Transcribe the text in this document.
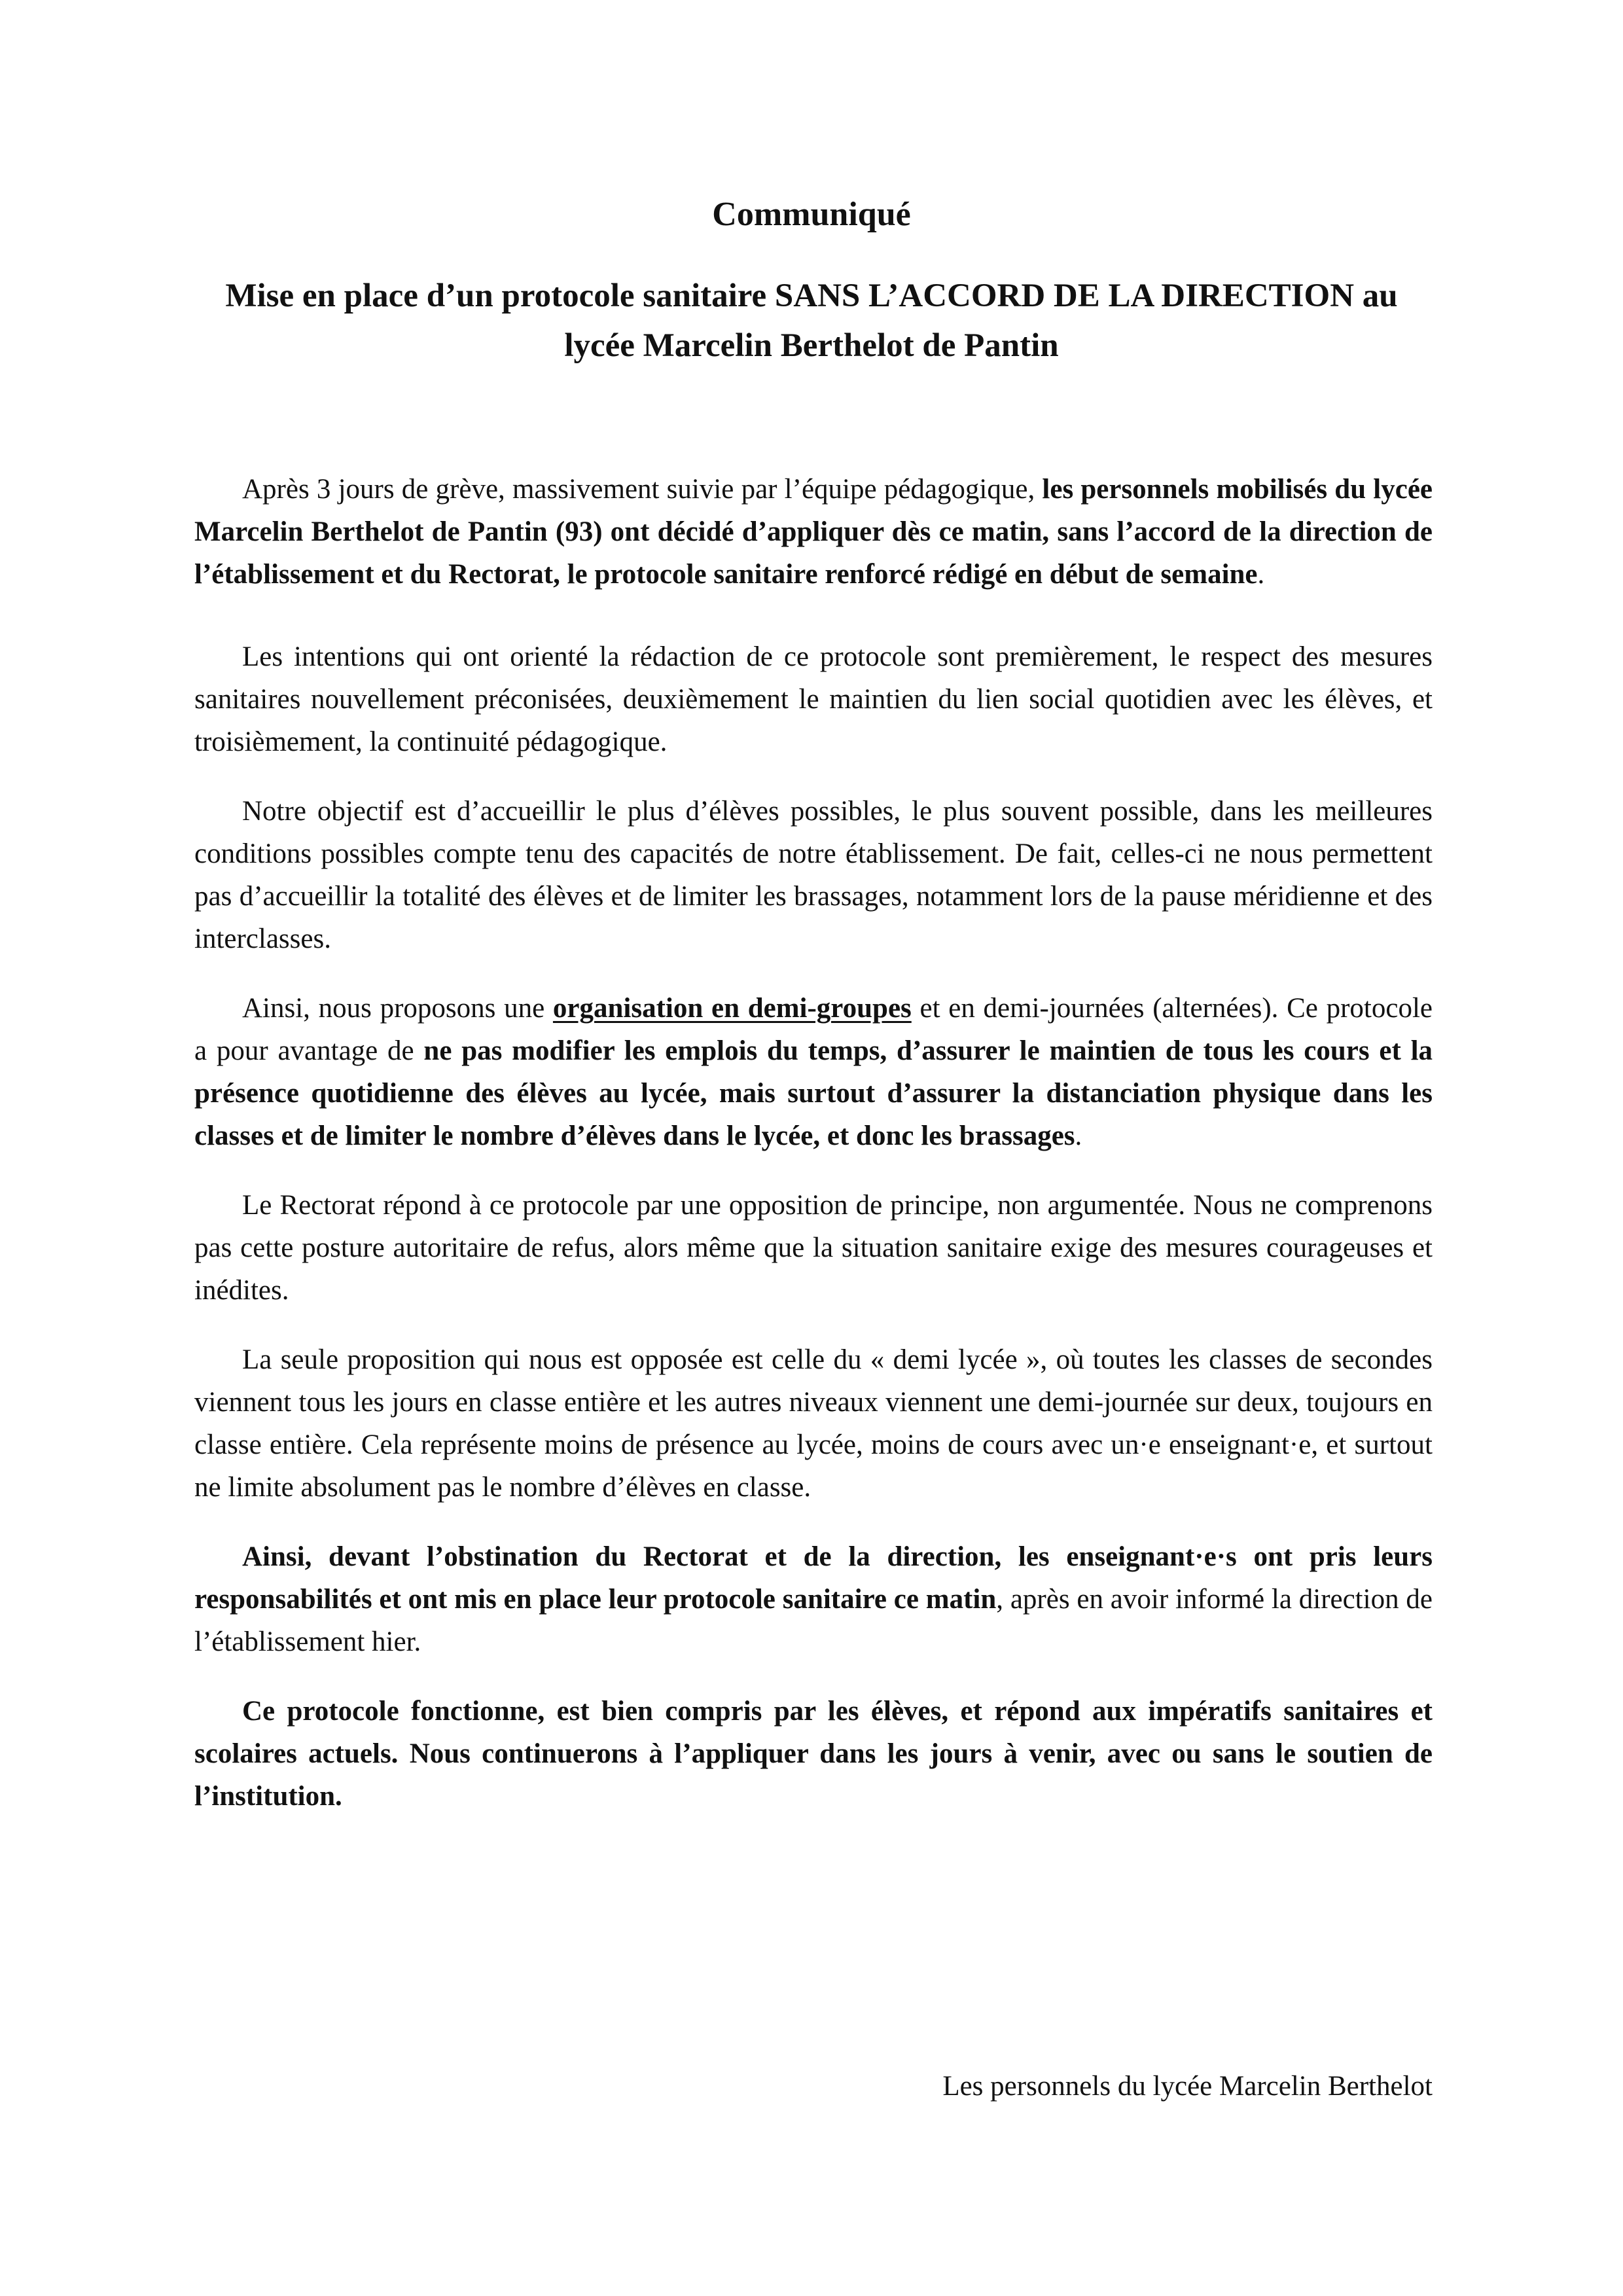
Communiqué
Mise en place d’un protocole sanitaire SANS L’ACCORD DE LA DIRECTION au lycée Marcelin Berthelot de Pantin

Après 3 jours de grève, massivement suivie par l’équipe pédagogique, les personnels mobilisés du lycée Marcelin Berthelot de Pantin (93) ont décidé d’appliquer dès ce matin, sans l’accord de la direction de l’établissement et du Rectorat, le protocole sanitaire renforcé rédigé en début de semaine.

Les intentions qui ont orienté la rédaction de ce protocole sont premièrement, le respect des mesures sanitaires nouvellement préconisées, deuxièmement le maintien du lien social quotidien avec les élèves, et troisièmement, la continuité pédagogique.

Notre objectif est d’accueillir le plus d’élèves possibles, le plus souvent possible, dans les meilleures conditions possibles compte tenu des capacités de notre établissement. De fait, celles-ci ne nous permettent pas d’accueillir la totalité des élèves et de limiter les brassages, notamment lors de la pause méridienne et des interclasses.

Ainsi, nous proposons une organisation en demi-groupes et en demi-journées (alternées). Ce protocole a pour avantage de ne pas modifier les emplois du temps, d’assurer le maintien de tous les cours et la présence quotidienne des élèves au lycée, mais surtout d’assurer la distanciation physique dans les classes et de limiter le nombre d’élèves dans le lycée, et donc les brassages.

Le Rectorat répond à ce protocole par une opposition de principe, non argumentée. Nous ne comprenons pas cette posture autoritaire de refus, alors même que la situation sanitaire exige des mesures courageuses et inédites.

La seule proposition qui nous est opposée est celle du « demi lycée », où toutes les classes de secondes viennent tous les jours en classe entière et les autres niveaux viennent une demi-journée sur deux, toujours en classe entière. Cela représente moins de présence au lycée, moins de cours avec un·e enseignant·e, et surtout ne limite absolument pas le nombre d’élèves en classe.

Ainsi, devant l’obstination du Rectorat et de la direction, les enseignant·e·s ont pris leurs responsabilités et ont mis en place leur protocole sanitaire ce matin, après en avoir informé la direction de l’établissement hier.

Ce protocole fonctionne, est bien compris par les élèves, et répond aux impératifs sanitaires et scolaires actuels. Nous continuerons à l’appliquer dans les jours à venir, avec ou sans le soutien de l’institution.

Les personnels du lycée Marcelin Berthelot
